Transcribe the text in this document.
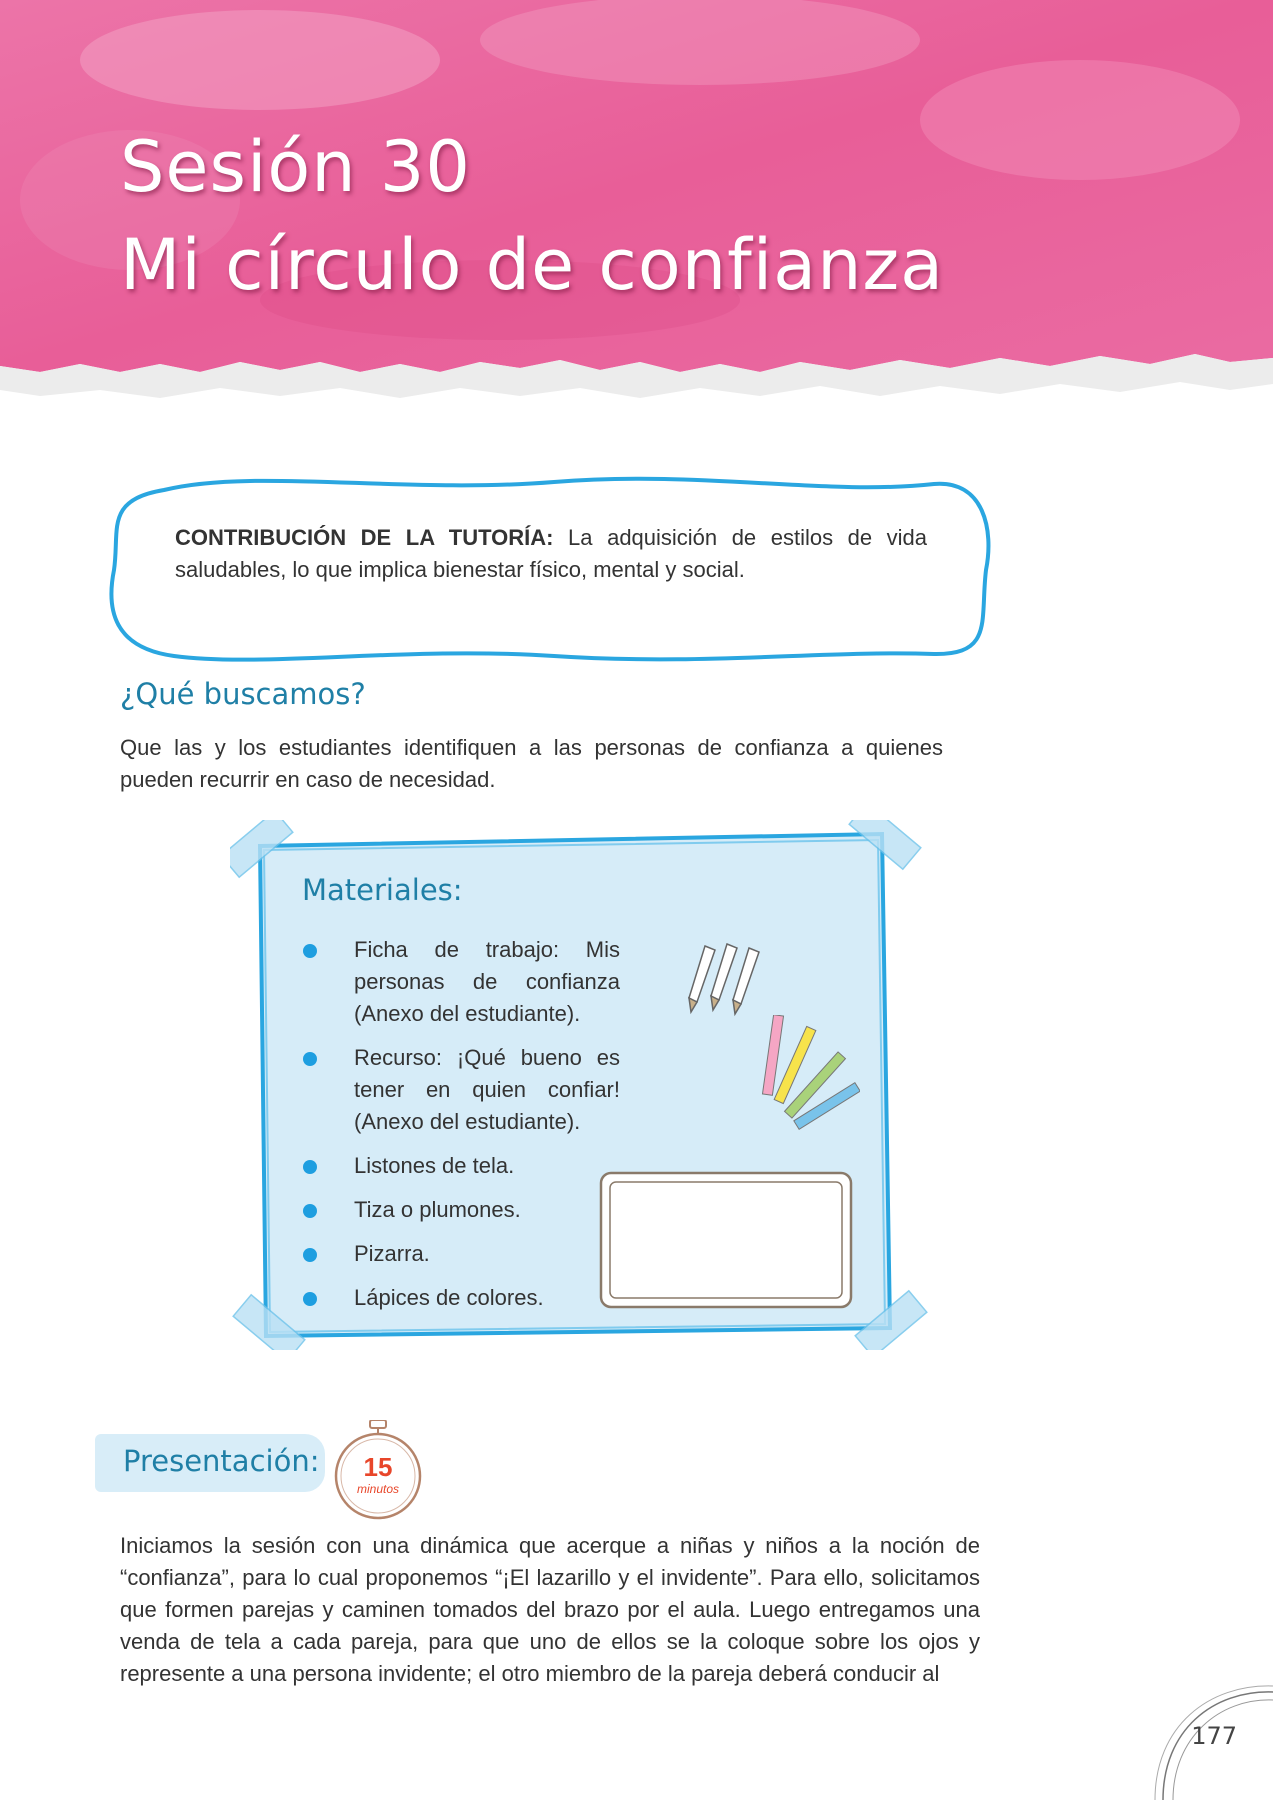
Sesión 30
Mi círculo de confianza
CONTRIBUCIÓN DE LA TUTORÍA: La adquisición de estilos de vida saludables, lo que implica bienestar físico, mental y social.
¿Qué buscamos?
Que las y los estudiantes identifiquen a las personas de confianza a quienes pueden recurrir en caso de necesidad.
Materiales:
Ficha de trabajo: Mis personas de confianza (Anexo del estudiante).
Recurso: ¡Qué bueno es tener en quien confiar! (Anexo del estudiante).
Listones de tela.
Tiza o plumones.
Pizarra.
Lápices de colores.
Presentación:	15
minutos
Iniciamos la sesión con una dinámica que acerque a niñas y niños a la noción de “confianza”, para lo cual proponemos “¡El lazarillo y el invidente”. Para ello, solicitamos que formen parejas y caminen tomados del brazo por el aula. Luego entregamos una venda de tela a cada pareja, para que uno de ellos se la coloque sobre los ojos y represente a una persona invidente; el otro miembro de la pareja deberá conducir al
177
